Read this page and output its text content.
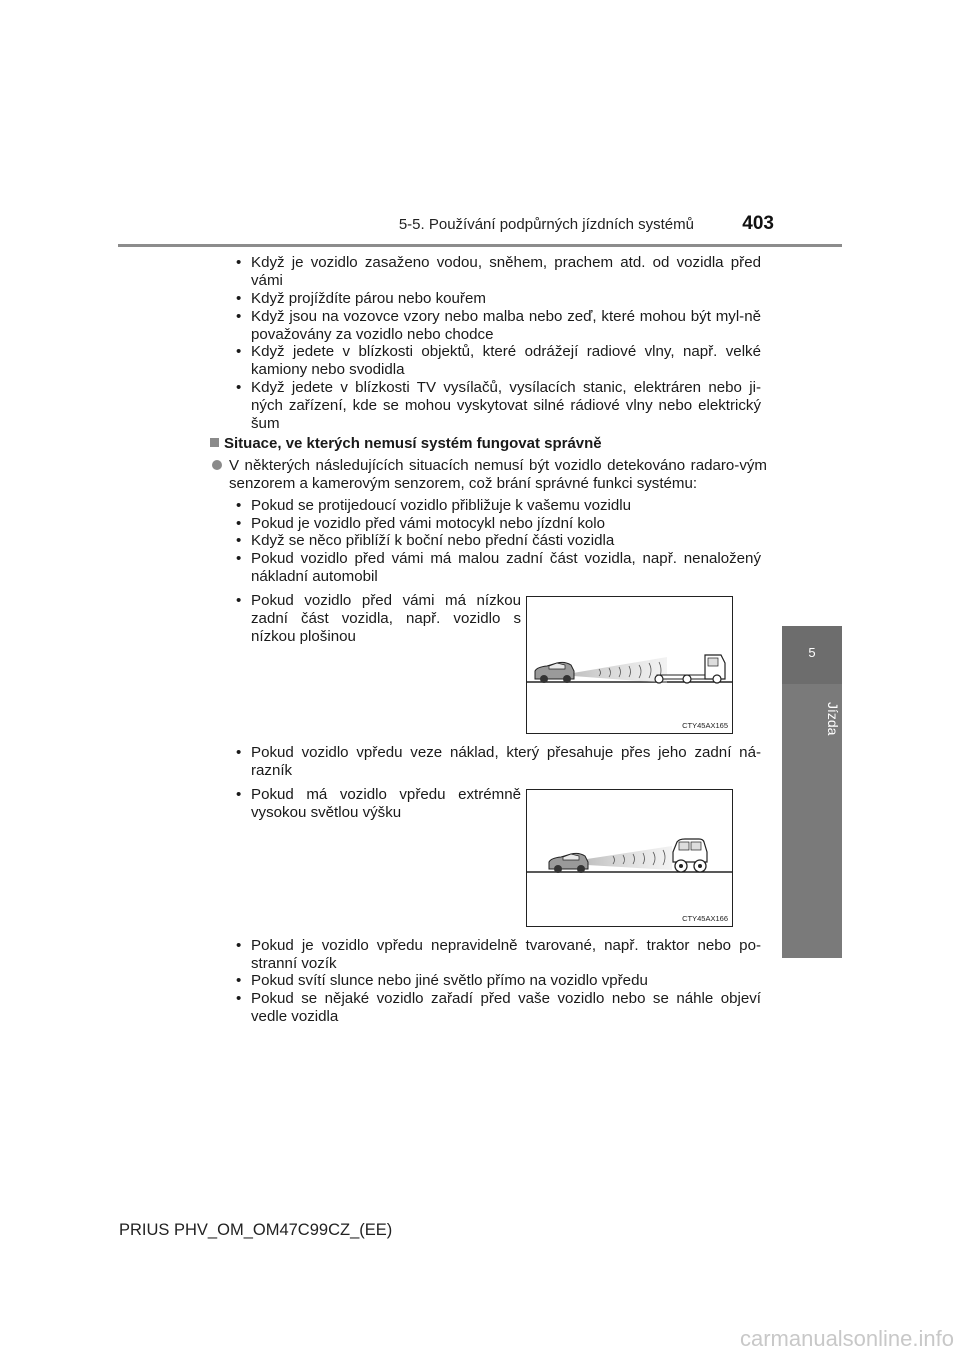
5-5. Používání podpůrných jízdních systémů	403
5
Jízda
• Když je vozidlo zasaženo vodou, sněhem, prachem atd. od vozidla před vámi
• Když projíždíte párou nebo kouřem
• Když jsou na vozovce vzory nebo malba nebo zeď, které mohou být myl-ně považovány za vozidlo nebo chodce
• Když jedete v blízkosti objektů, které odrážejí radiové vlny, např. velké kamiony nebo svodidla
• Když jedete v blízkosti TV vysílačů, vysílacích stanic, elektráren nebo ji-ných zařízení, kde se mohou vyskytovat silné rádiové vlny nebo elektrický šum
Situace, ve kterých nemusí systém fungovat správně
V některých následujících situacích nemusí být vozidlo detekováno radaro-vým senzorem a kamerovým senzorem, což brání správné funkci systému:
• Pokud se protijedoucí vozidlo přibližuje k vašemu vozidlu
• Pokud je vozidlo před vámi motocykl nebo jízdní kolo
• Když se něco přiblíží k boční nebo přední části vozidla
• Pokud vozidlo před vámi má malou zadní část vozidla, např. nenaložený nákladní automobil
• Pokud vozidlo před vámi má nízkou zadní část vozidla, např. vozidlo s nízkou plošinou
CTY45AX165
• Pokud vozidlo vpředu veze náklad, který přesahuje přes jeho zadní ná-razník
• Pokud má vozidlo vpředu extrémně vysokou světlou výšku
CTY45AX166
• Pokud je vozidlo vpředu nepravidelně tvarované, např. traktor nebo po-stranní vozík
• Pokud svítí slunce nebo jiné světlo přímo na vozidlo vpředu
• Pokud se nějaké vozidlo zařadí před vaše vozidlo nebo se náhle objeví vedle vozidla
PRIUS PHV_OM_OM47C99CZ_(EE)
carmanualsonline.info
